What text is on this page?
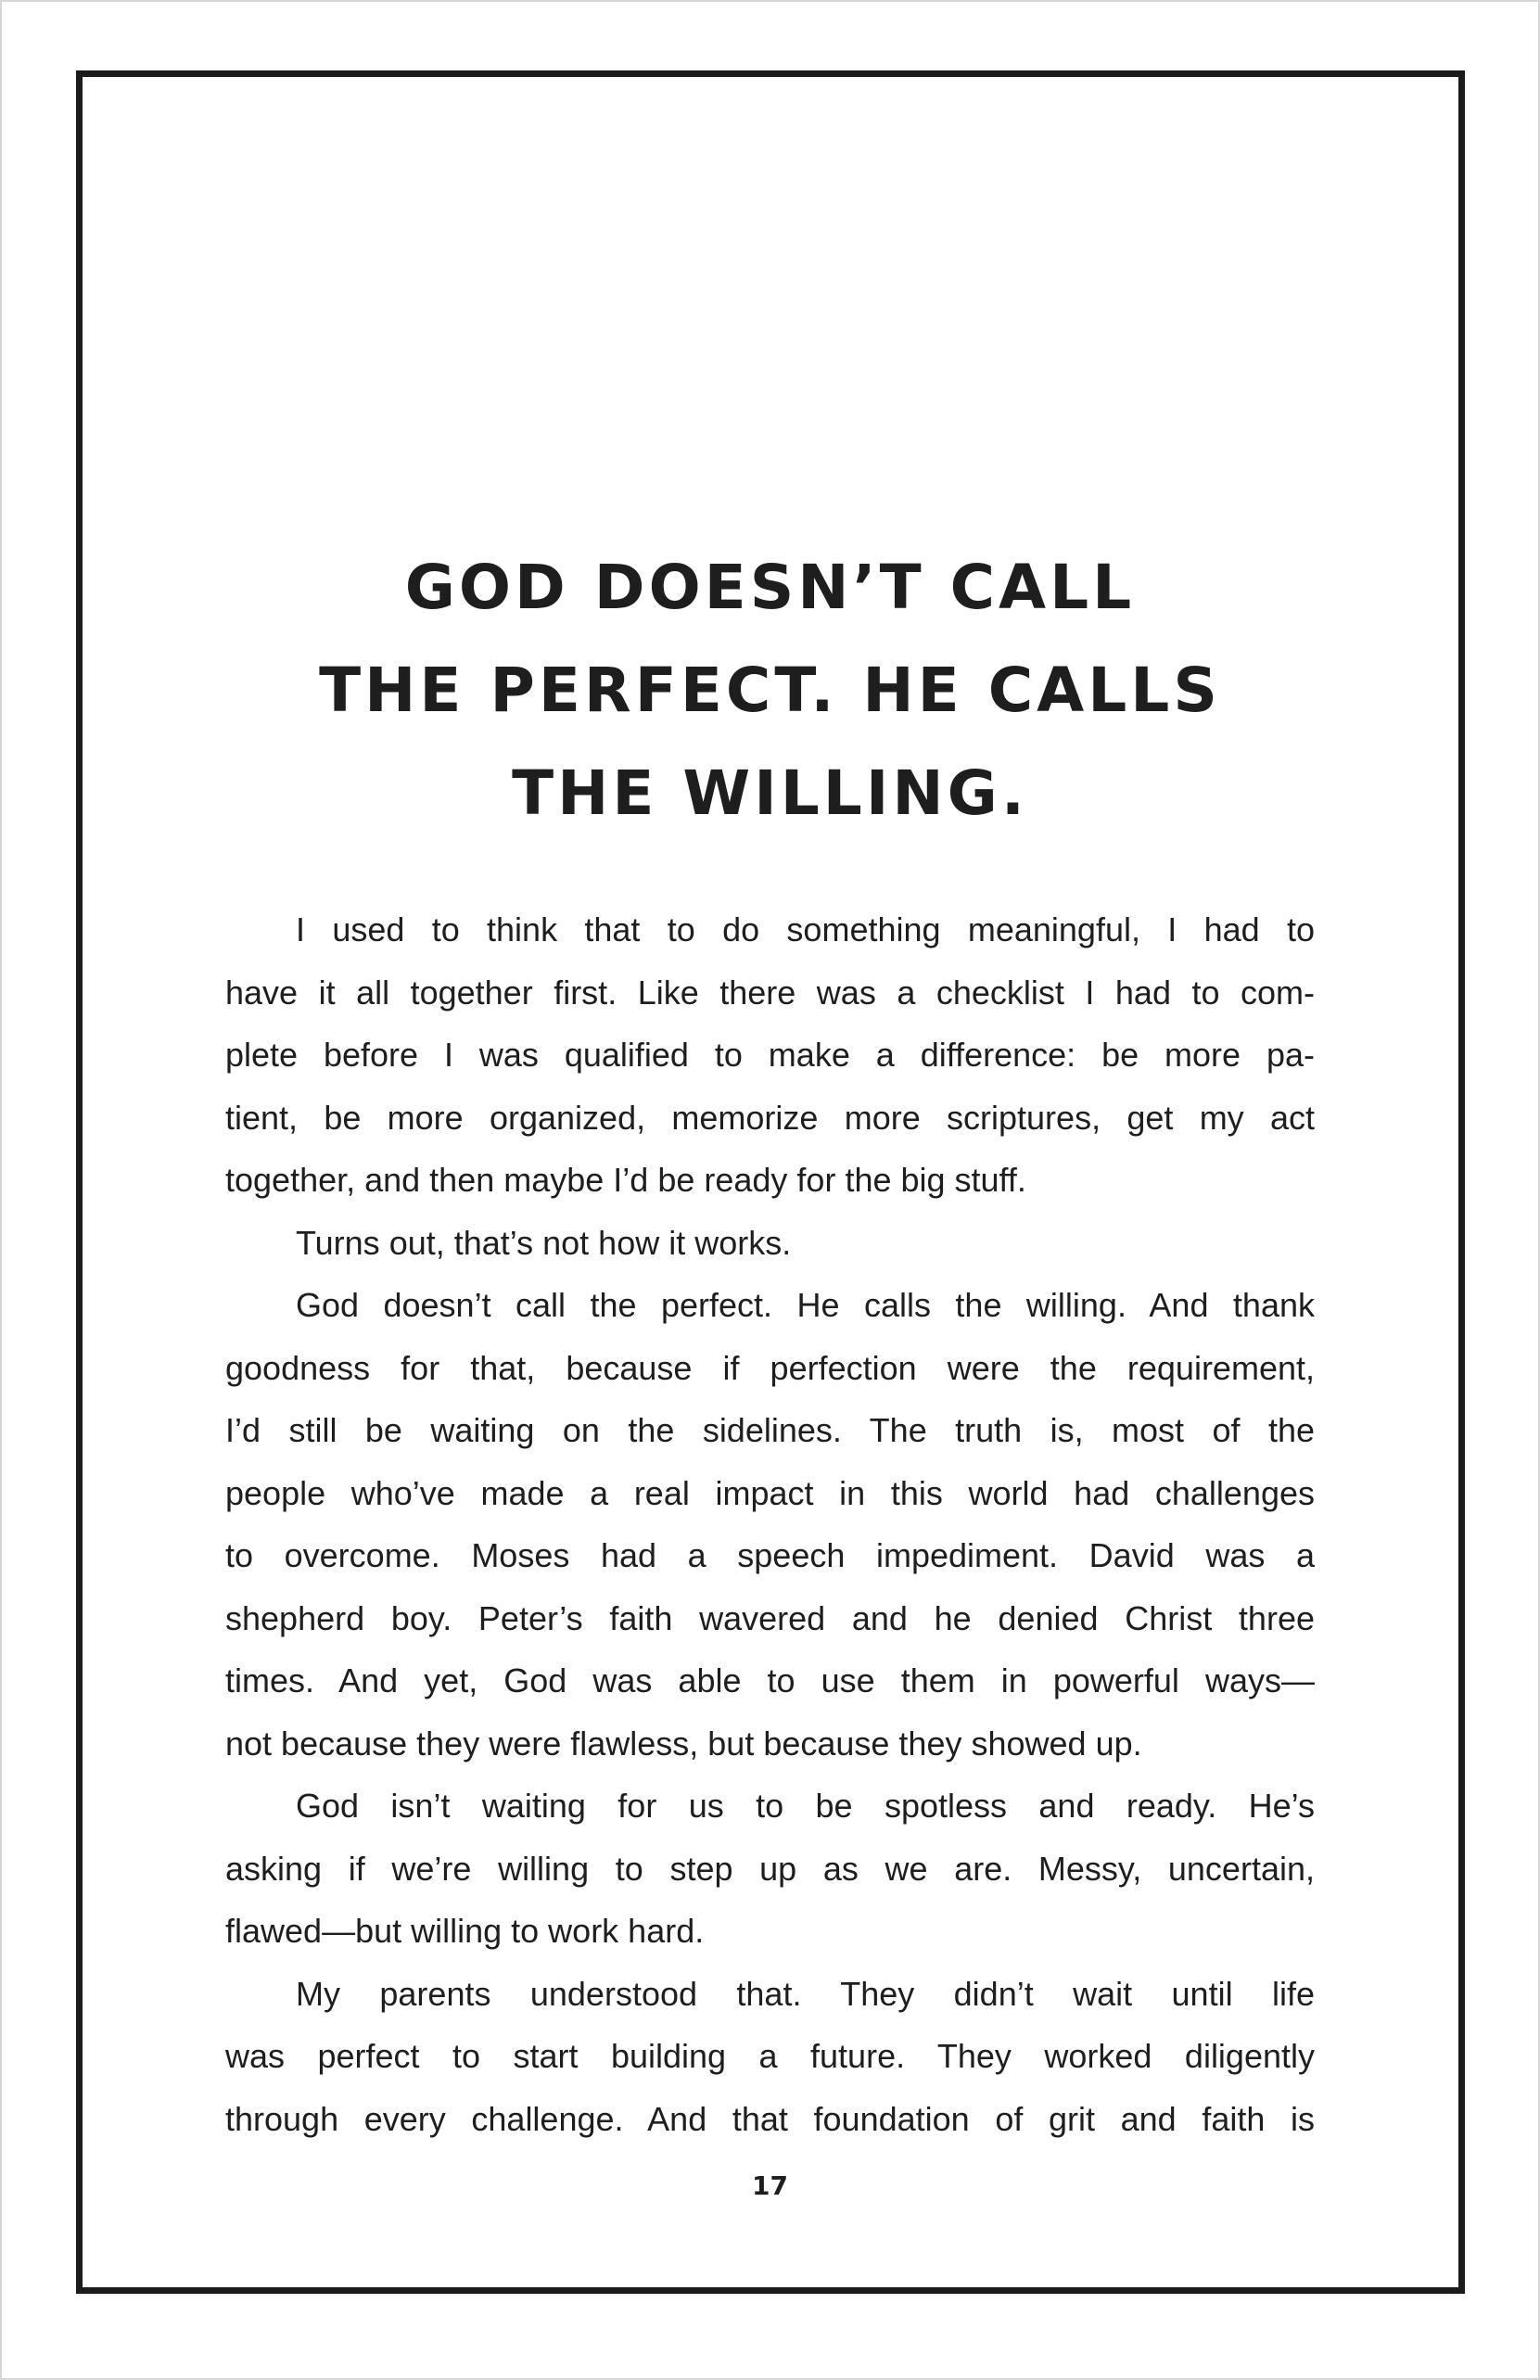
GOD DOESN’T CALL
THE PERFECT. HE CALLS
THE WILLING.
I used to think that to do something meaningful, I had to
have it all together first. Like there was a checklist I had to com-
plete before I was qualified to make a difference: be more pa-
tient, be more organized, memorize more scriptures, get my act
together, and then maybe I’d be ready for the big stuff.
Turns out, that’s not how it works.
God doesn’t call the perfect. He calls the willing. And thank
goodness for that, because if perfection were the requirement,
I’d still be waiting on the sidelines. The truth is, most of the
people who’ve made a real impact in this world had challenges
to overcome. Moses had a speech impediment. David was a
shepherd boy. Peter’s faith wavered and he denied Christ three
times. And yet, God was able to use them in powerful ways—
not because they were flawless, but because they showed up.
God isn’t waiting for us to be spotless and ready. He’s
asking if we’re willing to step up as we are. Messy, uncertain,
flawed—but willing to work hard.
My parents understood that. They didn’t wait until life
was perfect to start building a future. They worked diligently
through every challenge. And that foundation of grit and faith is
17
